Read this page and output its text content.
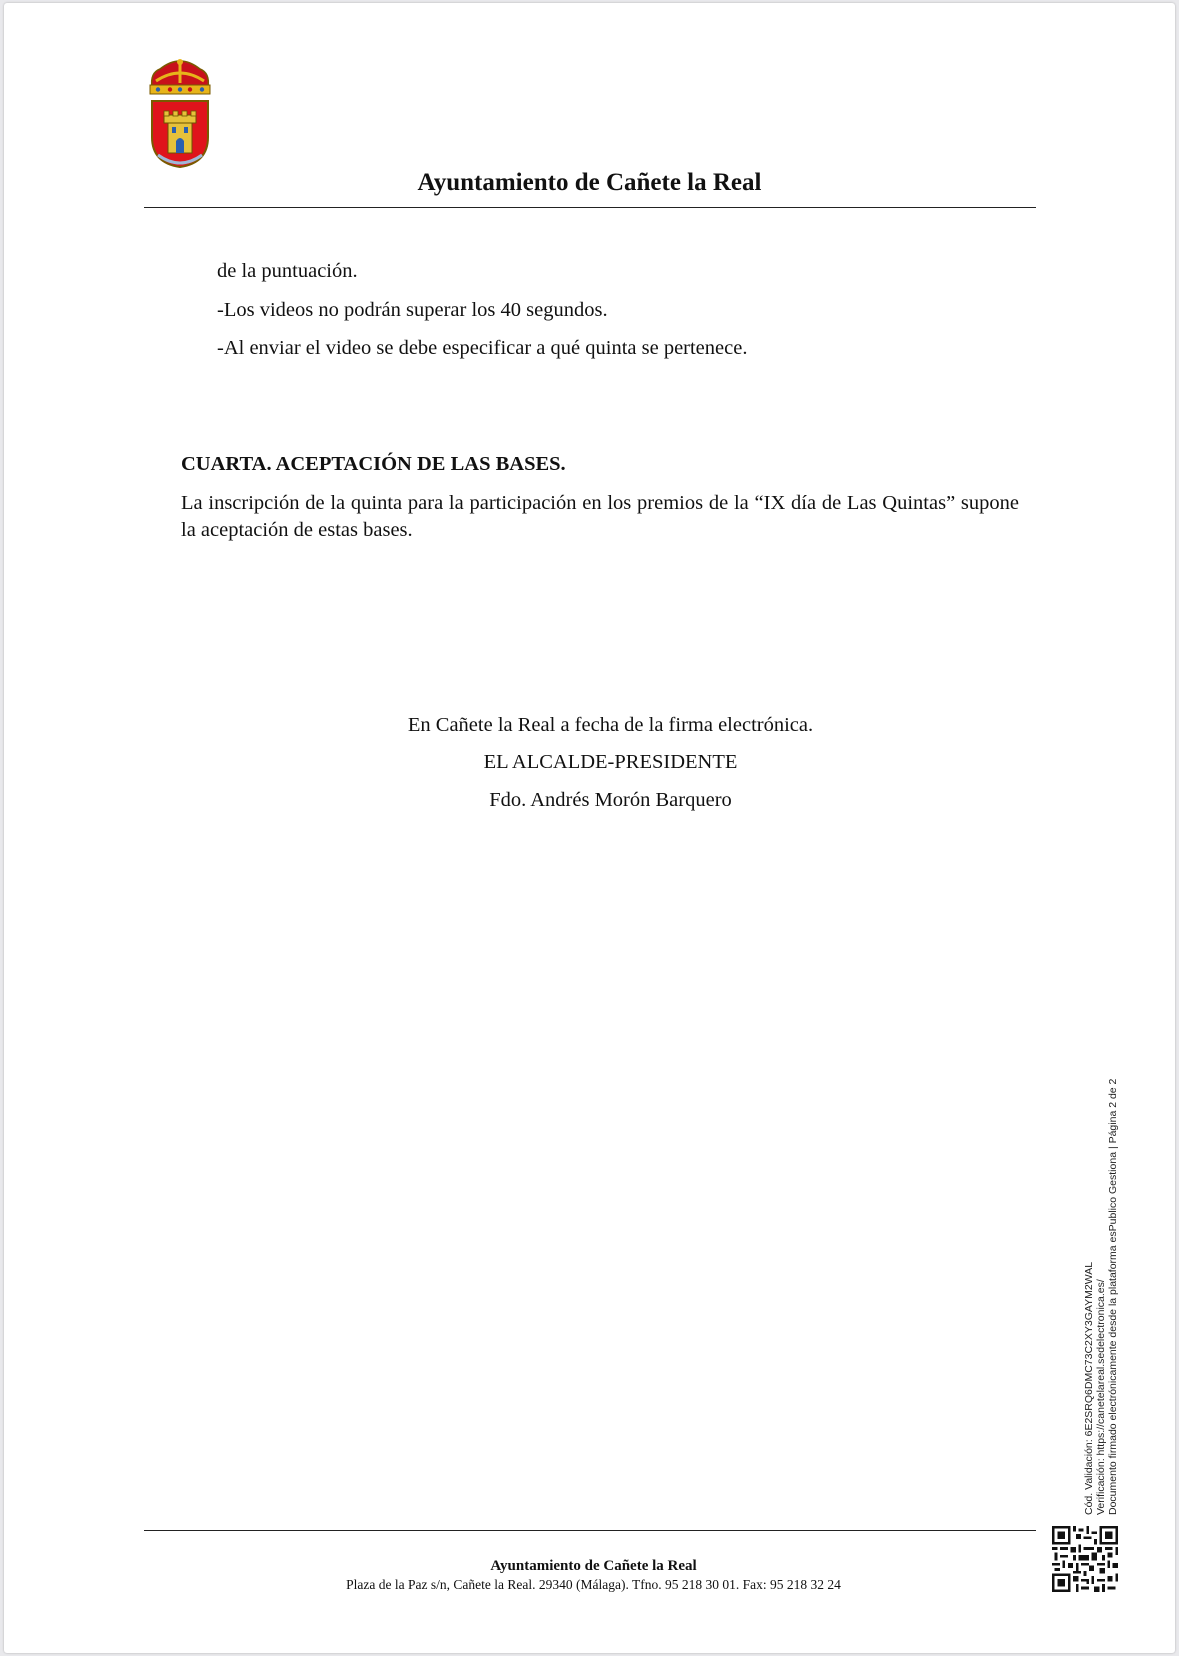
Ayuntamiento de Cañete la Real
de la puntuación.
-Los videos no podrán superar los 40 segundos.
-Al enviar el video se debe especificar a qué quinta se pertenece.
CUARTA. ACEPTACIÓN DE LAS BASES.
La inscripción de la quinta para la participación en los premios de la “IX día de Las Quintas” supone la aceptación de estas bases.
En Cañete la Real a fecha de la firma electrónica.
EL ALCALDE-PRESIDENTE
Fdo. Andrés Morón Barquero
Cód. Validación: 6E2SRQ6DMC73C2XY3GAYM2WAL Verificación: https://canetelareal.sedelectronica.es/ Documento firmado electrónicamente desde la plataforma esPublico Gestiona | Página 2 de 2
Ayuntamiento de Cañete la Real
Plaza de la Paz s/n, Cañete la Real. 29340 (Málaga). Tfno. 95 218 30 01. Fax: 95 218 32 24
